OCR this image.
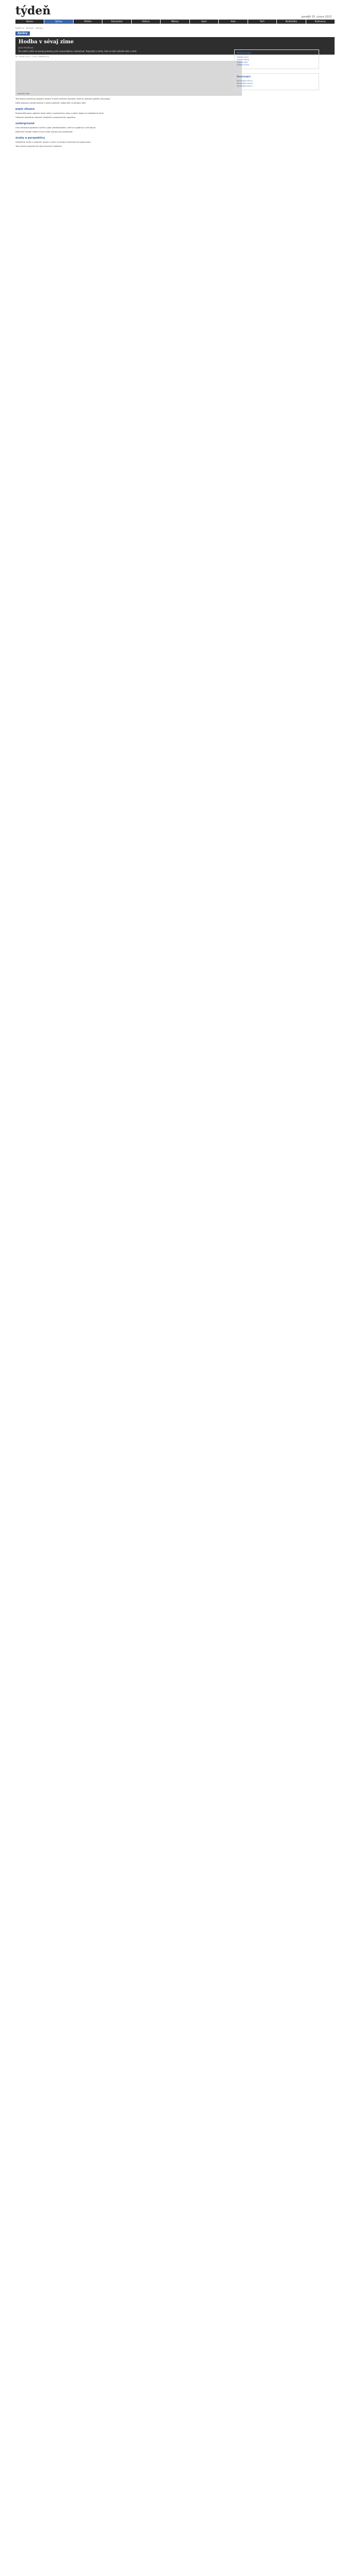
týdeň	pondělí 25. února 2013
Domov	Zprávy	Politika	Ekonomika	Kultura	Názory	Sport	Auto	Tech	Multimédia	Rozhovory
týdeň.cz › Domov › Zprávy
Zprávy
Hodba v sévaj zime
Jana Hrušková
Po celém světě se konají protesty proti nejnovějšímu rozhodnutí. Reportáž z místa, kde se lidé rozhodli stát v zimě.
25. února 2013 | 12:00 | Diskuze (0)
Ilustrační foto

Text článku pokračuje popisem situace a hlasů místních obyvatel, kteří se rozhodli vyjádřit svůj postoj.

Další odstavec přináší kontext a reakce politiků i odborníků na aktuální dění.

popis situace

Podrobnější popis událostí, které vedly k současnému stavu a jejich dopad na každodenní život.

Odstavec pokračuje citacemi účastníků a pozorováním reportéra.

underground

Část věnovaná podzemní scéně a jejím představitelům, kteří se vyjadřují k celé situaci.

Další text rozvádí historii hnutí a jeho význam pro současnost.

úvahy a perspektivy

Závěrečné úvahy o možném vývoji a o tom, co situace znamená pro budoucnost.

Text uzavírá reportáž shrnutím hlavních myšlenek.

Nejčtenější
Článek první
Článek druhý
Článek třetí
Článek čtvrtý
Související
Související text A
Související text B
Související text C
